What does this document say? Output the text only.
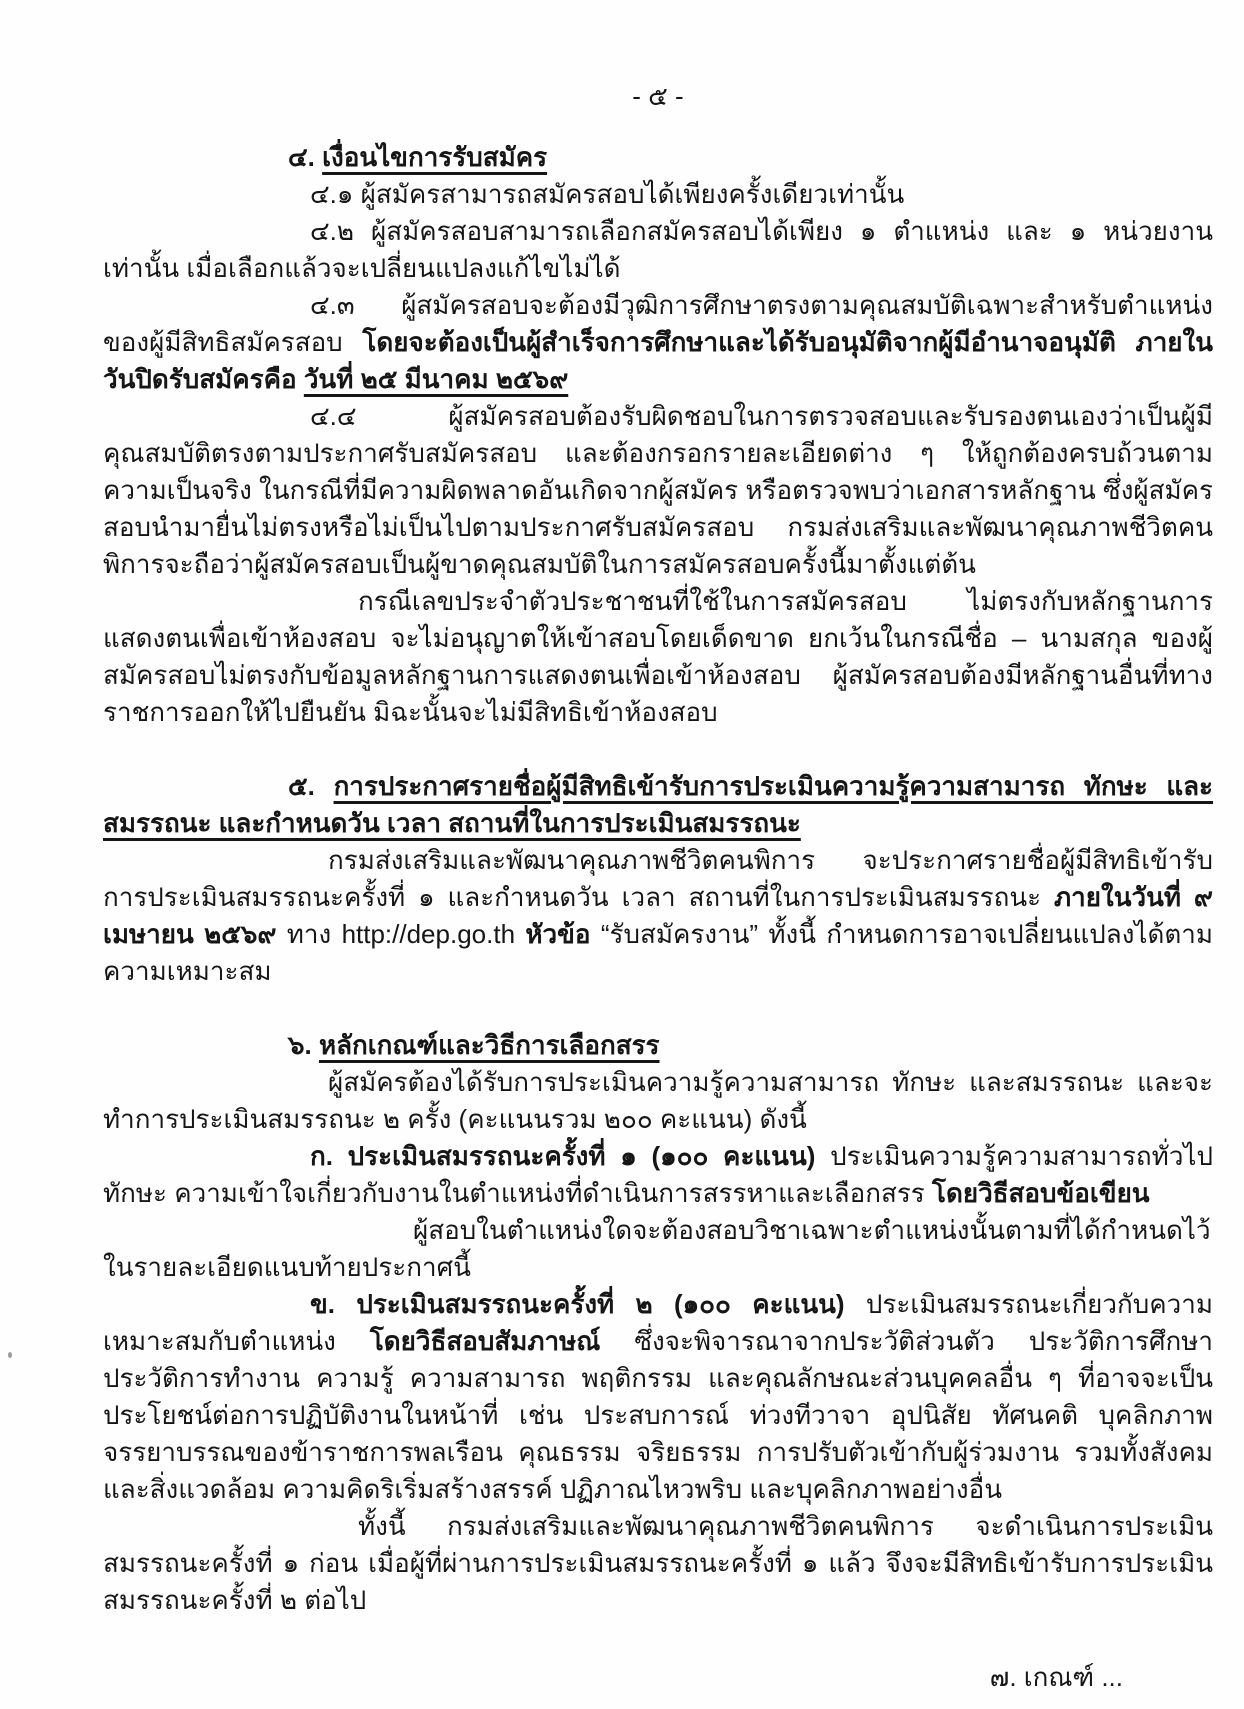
- ๕ -

๔. เงื่อนไขการรับสมัคร

๔.๑ ผู้สมัครสามารถสมัครสอบได้เพียงครั้งเดียวเท่านั้น

๔.๒ ผู้สมัครสอบสามารถเลือกสมัครสอบได้เพียง ๑ ตำแหน่ง และ ๑ หน่วยงาน เท่านั้น เมื่อเลือกแล้วจะเปลี่ยนแปลงแก้ไขไม่ได้

๔.๓ ผู้สมัครสอบจะต้องมีวุฒิการศึกษาตรงตามคุณสมบัติเฉพาะสำหรับตำแหน่งของผู้มีสิทธิสมัครสอบ โดยจะต้องเป็นผู้สำเร็จการศึกษาและได้รับอนุมัติจากผู้มีอำนาจอนุมัติ ภายในวันปิดรับสมัครคือ วันที่ ๒๕ มีนาคม ๒๕๖๙

๔.๔ ผู้สมัครสอบต้องรับผิดชอบในการตรวจสอบและรับรองตนเองว่าเป็นผู้มีคุณสมบัติตรงตามประกาศรับสมัครสอบ และต้องกรอกรายละเอียดต่าง ๆ ให้ถูกต้องครบถ้วนตามความเป็นจริง ในกรณีที่มีความผิดพลาดอันเกิดจากผู้สมัคร หรือตรวจพบว่าเอกสารหลักฐาน ซึ่งผู้สมัครสอบนำมายื่นไม่ตรงหรือไม่เป็นไปตามประกาศรับสมัครสอบ กรมส่งเสริมและพัฒนาคุณภาพชีวิตคนพิการจะถือว่าผู้สมัครสอบเป็นผู้ขาดคุณสมบัติในการสมัครสอบครั้งนี้มาตั้งแต่ต้น

กรณีเลขประจำตัวประชาชนที่ใช้ในการสมัครสอบ ไม่ตรงกับหลักฐานการแสดงตนเพื่อเข้าห้องสอบ จะไม่อนุญาตให้เข้าสอบโดยเด็ดขาด ยกเว้นในกรณีชื่อ – นามสกุล ของผู้สมัครสอบไม่ตรงกับข้อมูลหลักฐานการแสดงตนเพื่อเข้าห้องสอบ ผู้สมัครสอบต้องมีหลักฐานอื่นที่ทางราชการออกให้ไปยืนยัน มิฉะนั้นจะไม่มีสิทธิเข้าห้องสอบ

๕. การประกาศรายชื่อผู้มีสิทธิเข้ารับการประเมินความรู้ความสามารถ ทักษะ และสมรรถนะ และกำหนดวัน เวลา สถานที่ในการประเมินสมรรถนะ

กรมส่งเสริมและพัฒนาคุณภาพชีวิตคนพิการ จะประกาศรายชื่อผู้มีสิทธิเข้ารับการประเมินสมรรถนะครั้งที่ ๑ และกำหนดวัน เวลา สถานที่ในการประเมินสมรรถนะ ภายในวันที่ ๙ เมษายน ๒๕๖๙ ทาง http://dep.go.th หัวข้อ “รับสมัครงาน” ทั้งนี้ กำหนดการอาจเปลี่ยนแปลงได้ตามความเหมาะสม

๖. หลักเกณฑ์และวิธีการเลือกสรร

ผู้สมัครต้องได้รับการประเมินความรู้ความสามารถ ทักษะ และสมรรถนะ และจะทำการประเมินสมรรถนะ ๒ ครั้ง (คะแนนรวม ๒๐๐ คะแนน) ดังนี้

ก. ประเมินสมรรถนะครั้งที่ ๑ (๑๐๐ คะแนน) ประเมินความรู้ความสามารถทั่วไป ทักษะ ความเข้าใจเกี่ยวกับงานในตำแหน่งที่ดำเนินการสรรหาและเลือกสรร โดยวิธีสอบข้อเขียน

ผู้สอบในตำแหน่งใดจะต้องสอบวิชาเฉพาะตำแหน่งนั้นตามที่ได้กำหนดไว้ในรายละเอียดแนบท้ายประกาศนี้

ข. ประเมินสมรรถนะครั้งที่ ๒ (๑๐๐ คะแนน) ประเมินสมรรถนะเกี่ยวกับความเหมาะสมกับตำแหน่ง โดยวิธีสอบสัมภาษณ์ ซึ่งจะพิจารณาจากประวัติส่วนตัว ประวัติการศึกษา ประวัติการทำงาน ความรู้ ความสามารถ พฤติกรรม และคุณลักษณะส่วนบุคคลอื่น ๆ ที่อาจจะเป็นประโยชน์ต่อการปฏิบัติงานในหน้าที่ เช่น ประสบการณ์ ท่วงทีวาจา อุปนิสัย ทัศนคติ บุคลิกภาพ จรรยาบรรณของข้าราชการพลเรือน คุณธรรม จริยธรรม การปรับตัวเข้ากับผู้ร่วมงาน รวมทั้งสังคมและสิ่งแวดล้อม ความคิดริเริ่มสร้างสรรค์ ปฏิภาณไหวพริบ และบุคลิกภาพอย่างอื่น

ทั้งนี้ กรมส่งเสริมและพัฒนาคุณภาพชีวิตคนพิการ จะดำเนินการประเมินสมรรถนะครั้งที่ ๑ ก่อน เมื่อผู้ที่ผ่านการประเมินสมรรถนะครั้งที่ ๑ แล้ว จึงจะมีสิทธิเข้ารับการประเมินสมรรถนะครั้งที่ ๒ ต่อไป

๗. เกณฑ์ ...
